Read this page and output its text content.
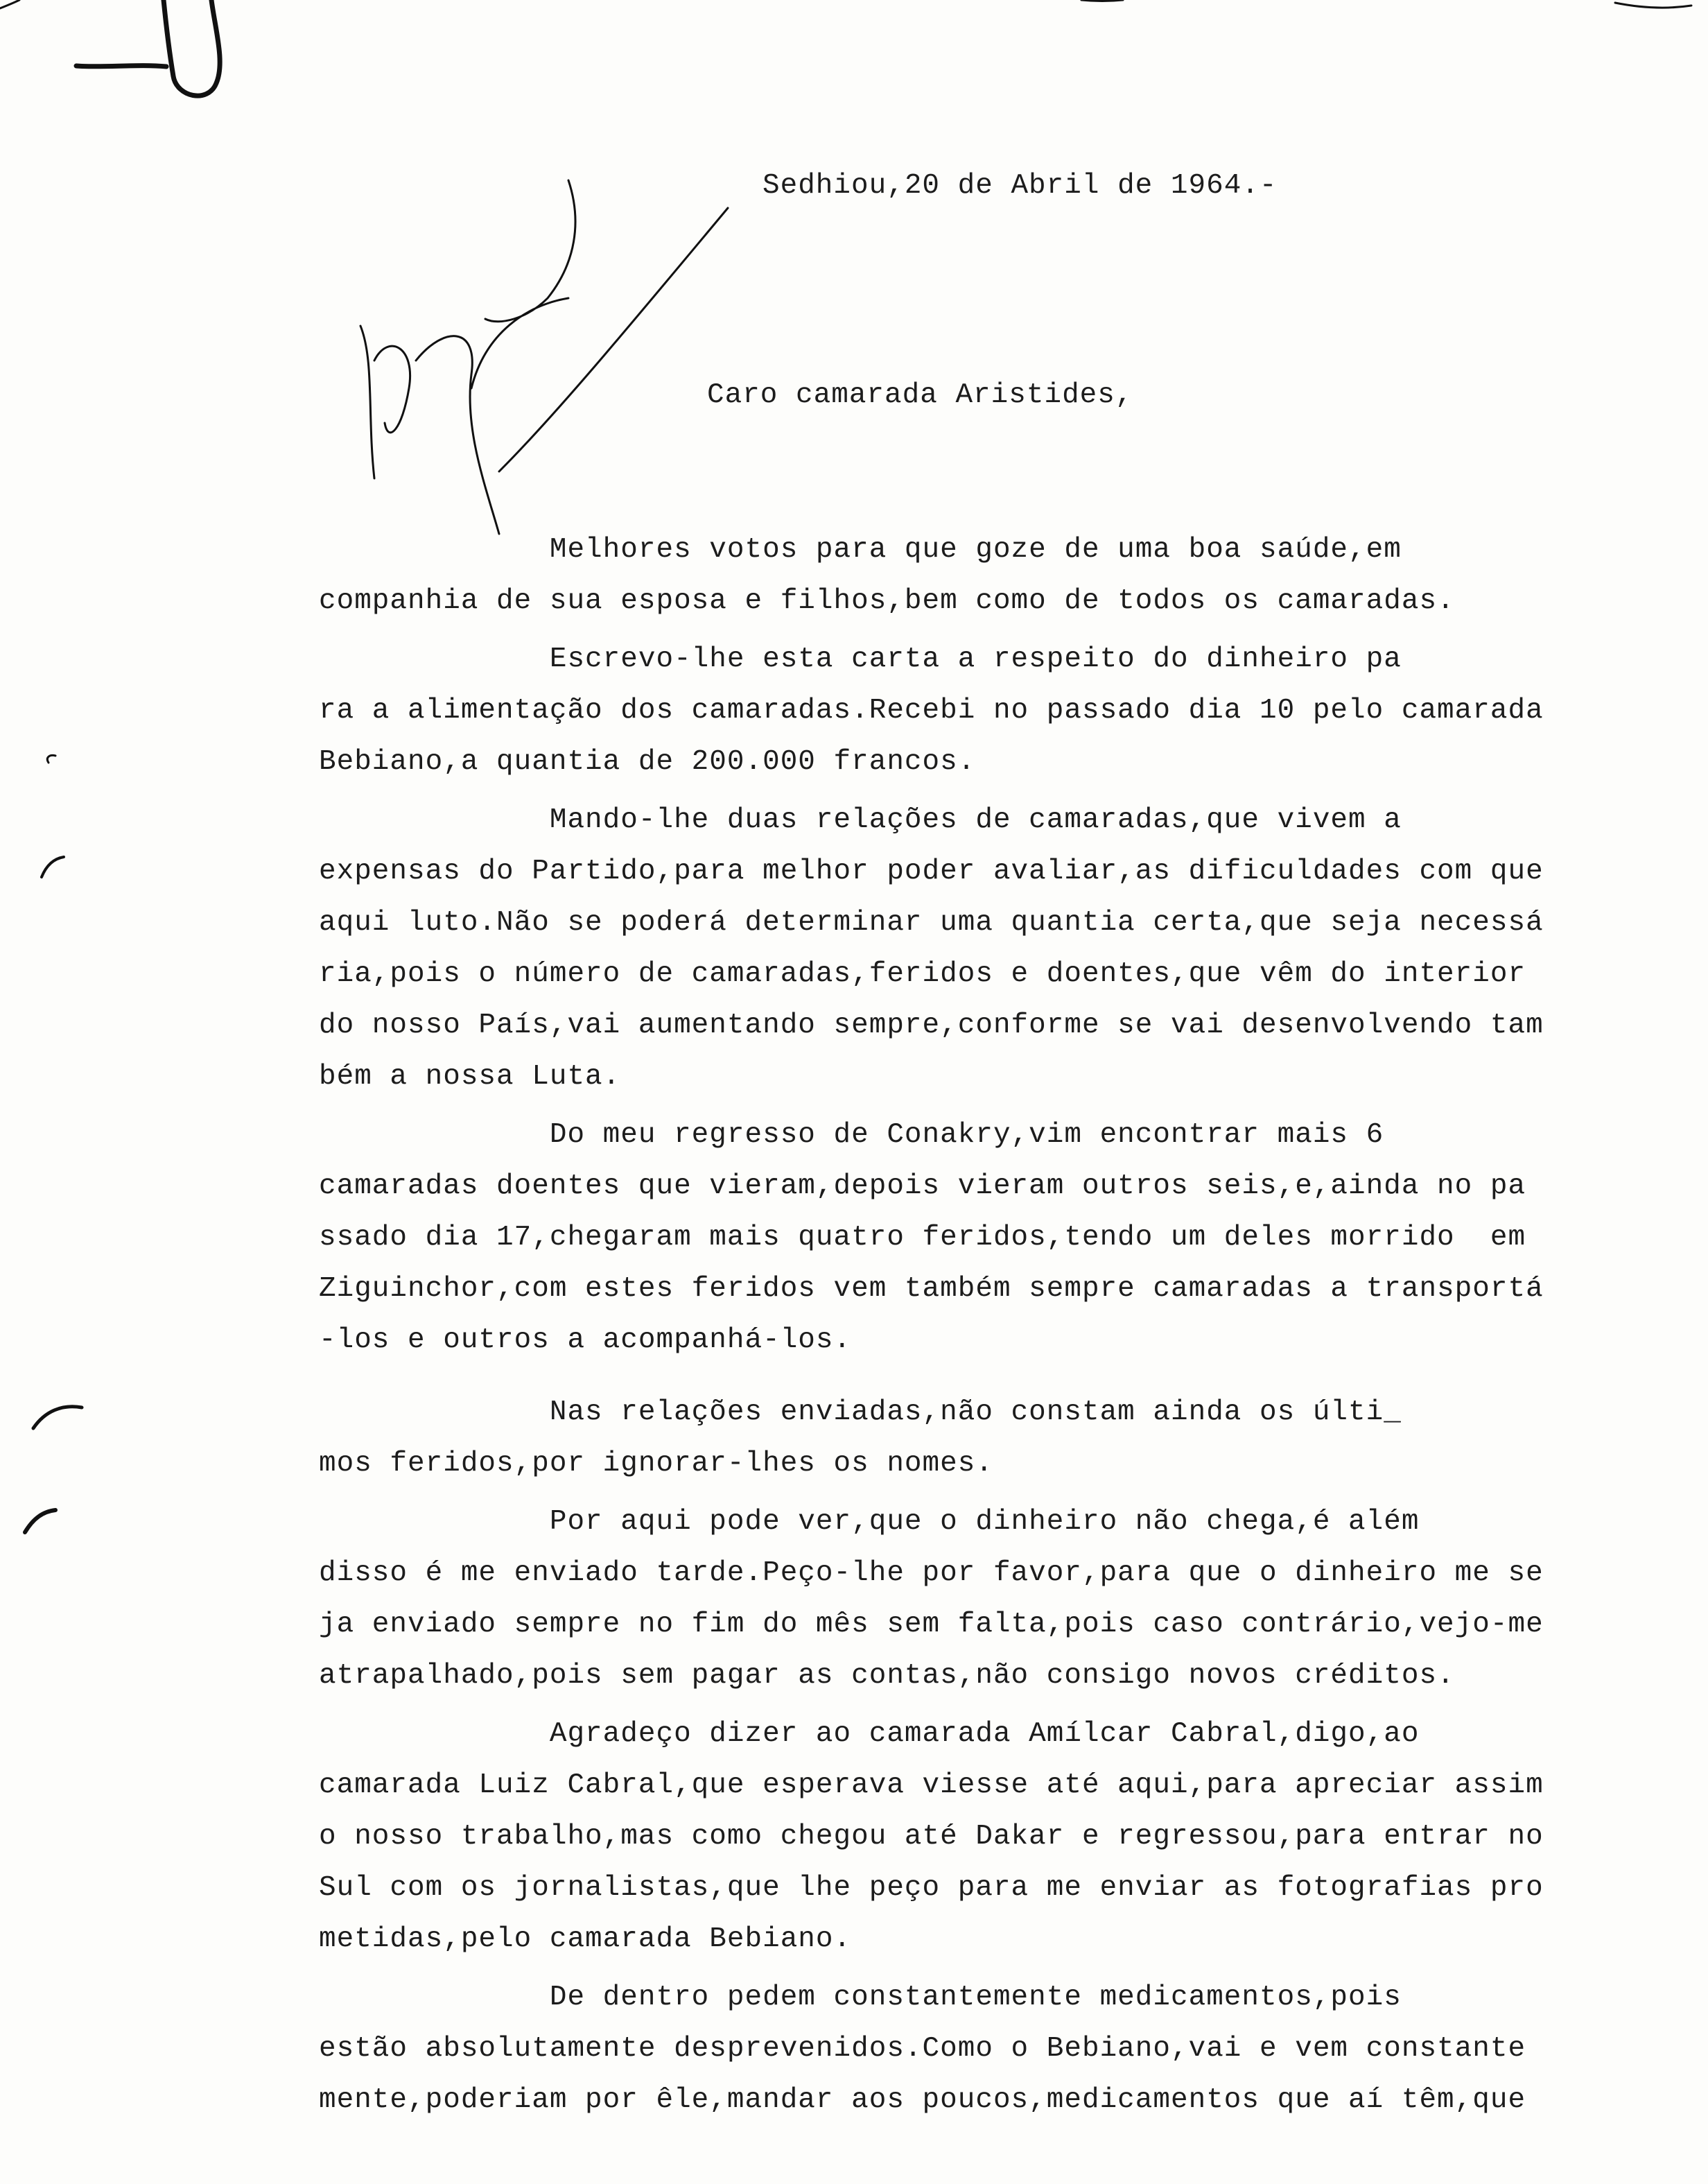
Sedhiou,20 de Abril de 1964.-
Caro camarada Aristides,
Melhores votos para que goze de uma boa saúde,em
companhia de sua esposa e filhos,bem como de todos os camaradas.
Escrevo-lhe esta carta a respeito do dinheiro pa
ra a alimentação dos camaradas.Recebi no passado dia 10 pelo camarada
Bebiano,a quantia de 200.000 francos.
Mando-lhe duas relações de camaradas,que vivem a
expensas do Partido,para melhor poder avaliar,as dificuldades com que
aqui luto.Não se poderá determinar uma quantia certa,que seja necessá
ria,pois o número de camaradas,feridos e doentes,que vêm do interior
do nosso País,vai aumentando sempre,conforme se vai desenvolvendo tam
bém a nossa Luta.
Do meu regresso de Conakry,vim encontrar mais 6
camaradas doentes que vieram,depois vieram outros seis,e,ainda no pa
ssado dia 17,chegaram mais quatro feridos,tendo um deles morrido  em
Ziguinchor,com estes feridos vem também sempre camaradas a transportá
-los e outros a acompanhá-los.
Nas relações enviadas,não constam ainda os últi_
mos feridos,por ignorar-lhes os nomes.
Por aqui pode ver,que o dinheiro não chega,é além
disso é me enviado tarde.Peço-lhe por favor,para que o dinheiro me se
ja enviado sempre no fim do mês sem falta,pois caso contrário,vejo-me
atrapalhado,pois sem pagar as contas,não consigo novos créditos.
Agradeço dizer ao camarada Amílcar Cabral,digo,ao
camarada Luiz Cabral,que esperava viesse até aqui,para apreciar assim
o nosso trabalho,mas como chegou até Dakar e regressou,para entrar no
Sul com os jornalistas,que lhe peço para me enviar as fotografias pro
metidas,pelo camarada Bebiano.
De dentro pedem constantemente medicamentos,pois
estão absolutamente desprevenidos.Como o Bebiano,vai e vem constante
mente,poderiam por êle,mandar aos poucos,medicamentos que aí têm,que
